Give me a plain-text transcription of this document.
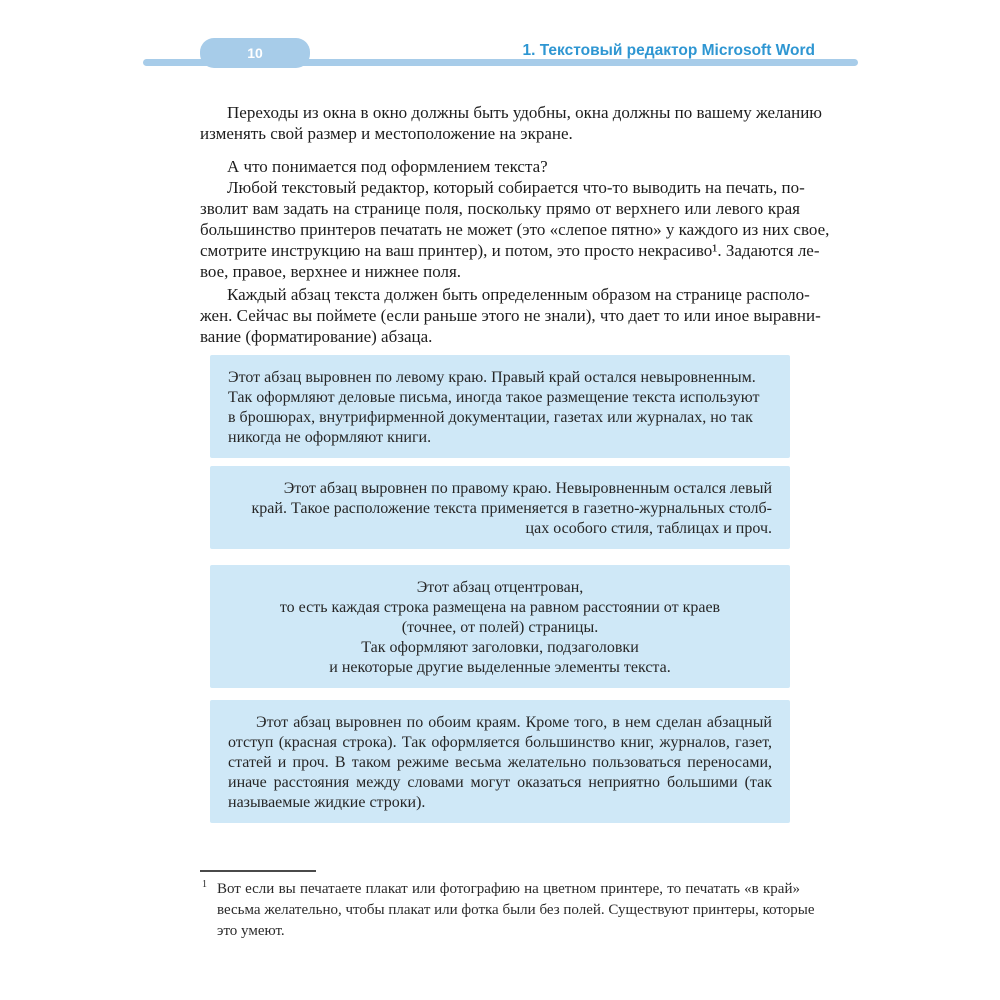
10	1. Текстовый редактор Microsoft Word
Переходы из окна в окно должны быть удобны, окна должны по вашему желанию
изменять свой размер и местоположение на экране.
А что понимается под оформлением текста?
Любой текстовый редактор, который собирается что-то выводить на печать, по-
зволит вам задать на странице поля, поскольку прямо от верхнего или левого края
большинство принтеров печатать не может (это «слепое пятно» у каждого из них свое,
смотрите инструкцию на ваш принтер), и потом, это просто некрасиво¹. Задаются ле-
вое, правое, верхнее и нижнее поля.
Каждый абзац текста должен быть определенным образом на странице располо-
жен. Сейчас вы поймете (если раньше этого не знали), что дает то или иное выравни-
вание (форматирование) абзаца.
Этот абзац выровнен по левому краю. Правый край остался невыровненным.
Так оформляют деловые письма, иногда такое размещение текста используют
в брошюрах, внутрифирменной документации, газетах или журналах, но так
никогда не оформляют книги.
Этот абзац выровнен по правому краю. Невыровненным остался левый
край. Такое расположение текста применяется в газетно-журнальных столб-
цах особого стиля, таблицах и проч.
Этот абзац отцентрован,
то есть каждая строка размещена на равном расстоянии от краев
(точнее, от полей) страницы.
Так оформляют заголовки, подзаголовки
и некоторые другие выделенные элементы текста.
Этот абзац выровнен по обоим краям. Кроме того, в нем сделан абзацный
отступ (красная строка). Так оформляется большинство книг, журналов, газет,
статей и проч. В таком режиме весьма желательно пользоваться переносами,
иначе расстояния между словами могут оказаться неприятно большими (так
называемые жидкие строки).
1 Вот если вы печатаете плакат или фотографию на цветном принтере, то печатать «в край»
весьма желательно, чтобы плакат или фотка были без полей. Существуют принтеры, которые
это умеют.
